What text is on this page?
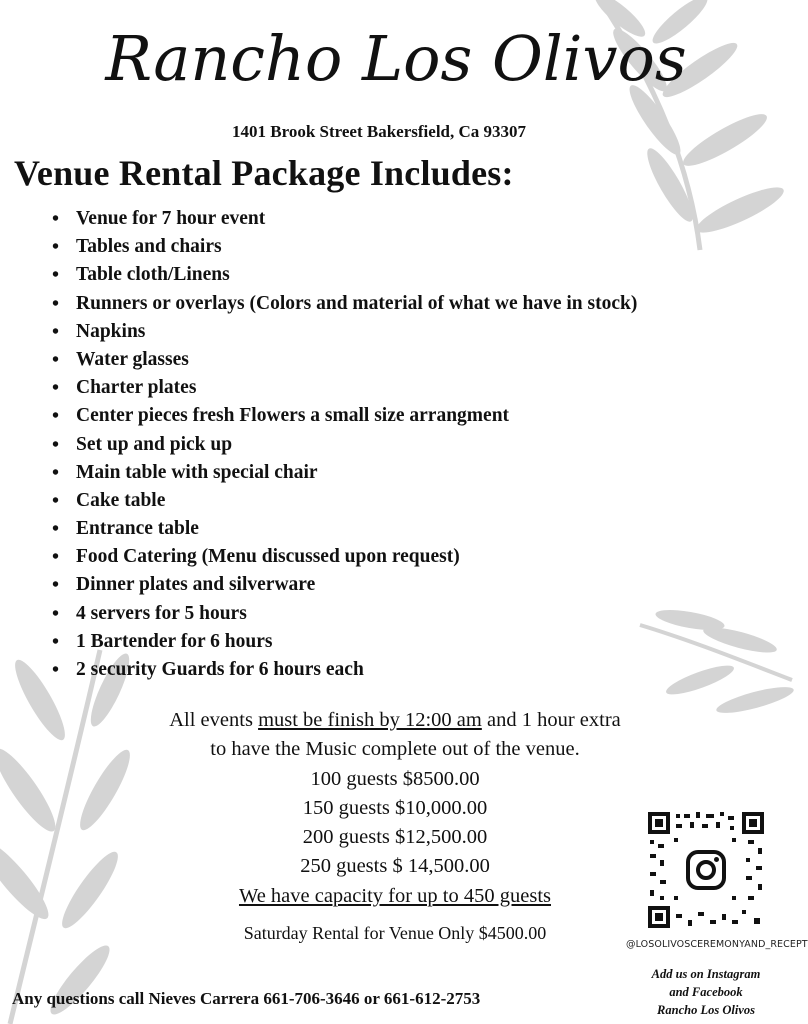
Rancho Los Olivos
1401 Brook Street Bakersfield, Ca 93307
Venue Rental Package Includes:
• Venue for 7 hour event
• Tables and chairs
• Table cloth/Linens
• Runners or overlays (Colors and material of what we have in stock)
• Napkins
• Water glasses
• Charter plates
• Center pieces fresh Flowers a small size arrangment
• Set up and pick up
• Main table with special chair
• Cake table
• Entrance table
• Food Catering (Menu discussed upon request)
• Dinner plates and silverware
• 4 servers for 5 hours
• 1 Bartender for 6 hours
• 2 security Guards for 6 hours each
All events must be finish by 12:00 am and 1 hour extra
to have the Music complete out of the venue.
100 guests $8500.00
150 guests $10,000.00
200 guests $12,500.00
250 guests $ 14,500.00
We have capacity for up to 450 guests
Saturday Rental for Venue Only $4500.00
@LOSOLIVOSCEREMONYAND_RECEPT
Add us on Instagram
and Facebook
Rancho Los Olivos
Any questions call Nieves Carrera 661-706-3646 or 661-612-2753
